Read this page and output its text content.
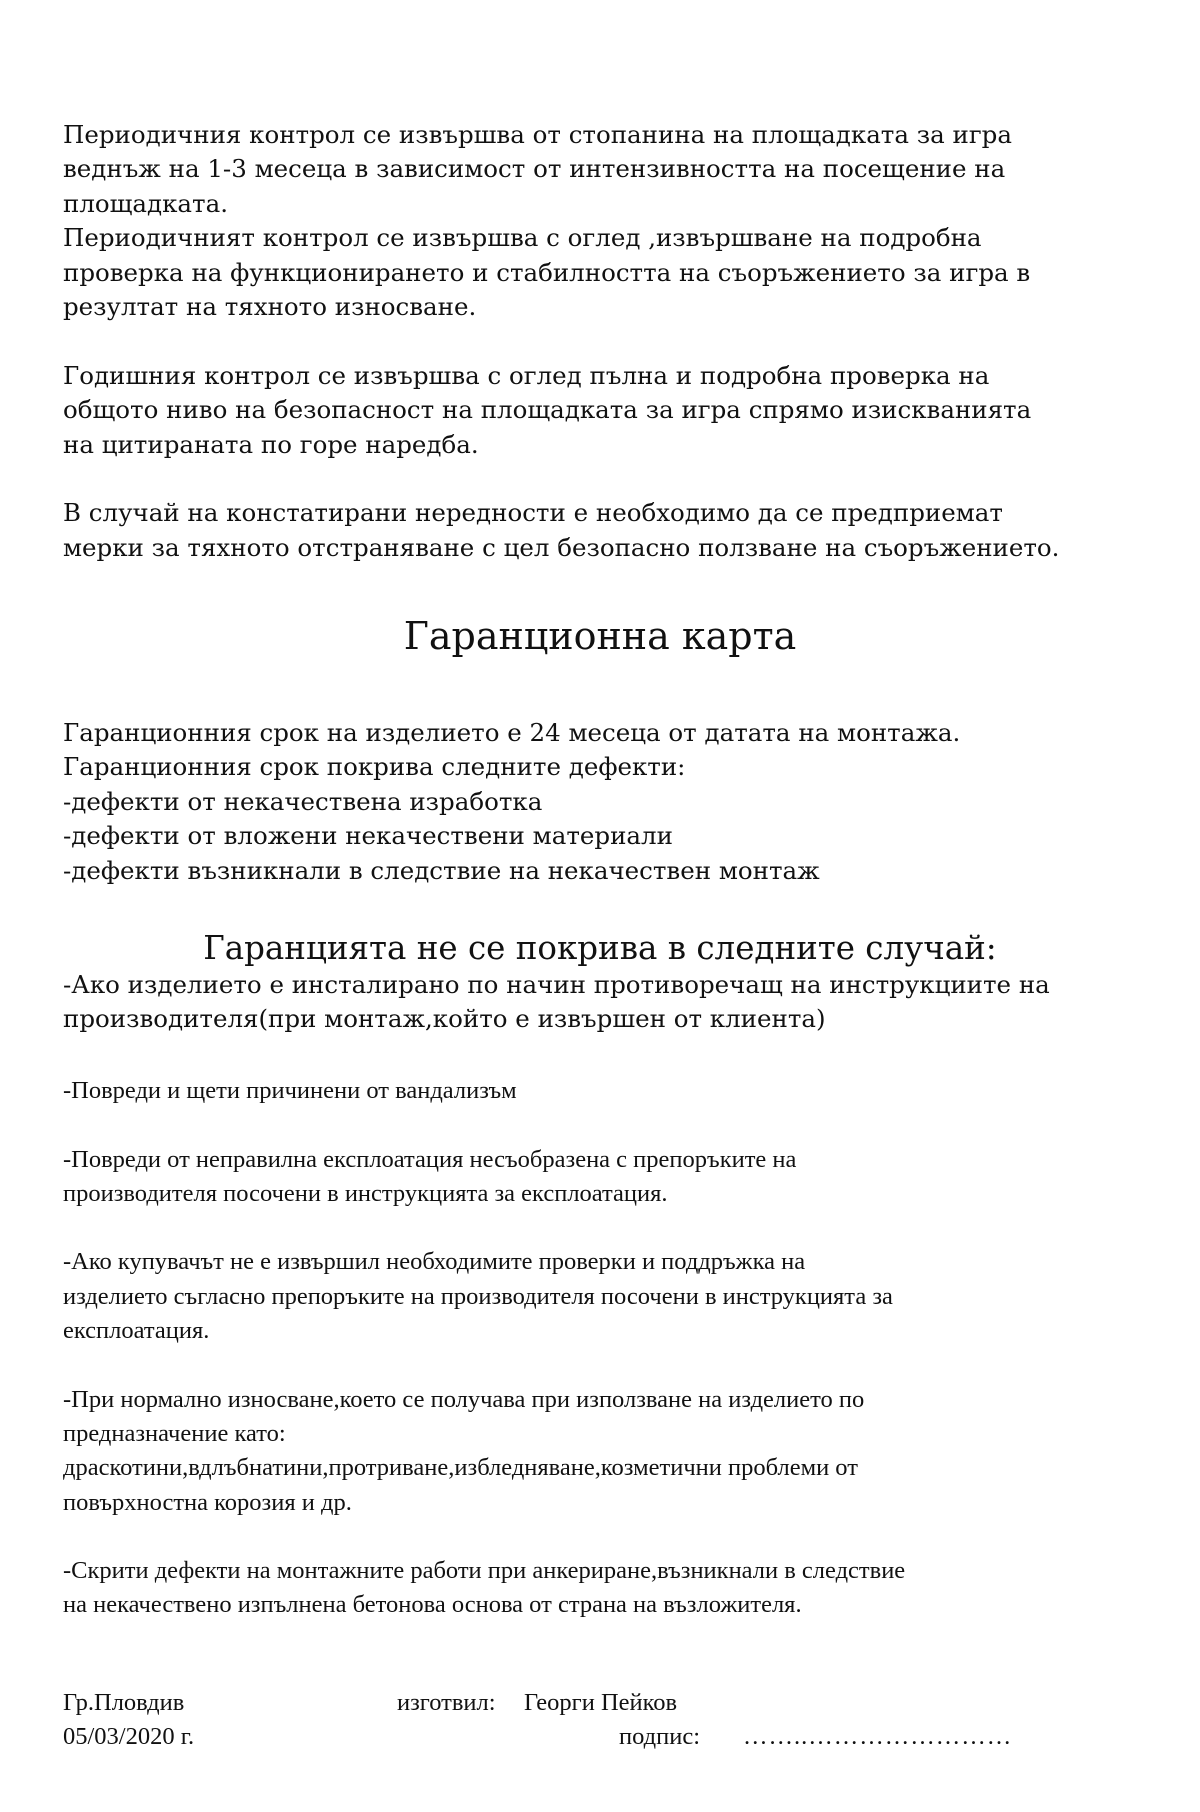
Периодичния контрол се извършва от стопанина на площадката за игра

веднъж на 1-3 месеца в зависимост от интензивността на посещение на

площадката.

Периодичният контрол се извършва с оглед ,извършване на подробна

проверка на функционирането и стабилността на съоръжението за игра в

резултат на тяхното износване.

Годишния контрол се извършва с оглед пълна и подробна проверка на

общото ниво на безопасност на площадката за игра спрямо изискванията

на цитираната по горе наредба.

В случай на констатирани нередности е необходимо да се предприемат

мерки за тяхното отстраняване с цел безопасно ползване на съоръжението.

Гаранционна карта

Гаранционния срок на изделието е 24 месеца от датата на монтажа.

Гаранционния срок покрива следните дефекти:

-дефекти от некачествена изработка

-дефекти от вложени некачествени материали

-дефекти възникнали в следствие на некачествен монтаж

Гаранцията не се покрива в следните случай:

-Ако изделието е инсталирано по начин противоречащ на инструкциите на

производителя(при монтаж,който е извършен от клиента)

-Повреди и щети причинени от вандализъм

-Повреди от неправилна експлоатация несъобразена с препоръките на

производителя посочени в инструкцията за експлоатация.

-Ако купувачът не е извършил необходимите проверки и поддръжка на

изделието съгласно препоръките на производителя посочени в инструкцията за

експлоатация.

-При нормално износване,което се получава при използване на изделието по

предназначение като:

драскотини,вдлъбнатини,протриване,избледняване,козметични проблеми от

повърхностна корозия и др.

-Скрити дефекти на монтажните работи при анкериране,възникнали в следствие

на некачествено изпълнена бетонова основа от страна на възложителя.

Гр.Пловдив
05/03/2020 г.
изготвил: Георги Пейков
подпис: ……..……………………
